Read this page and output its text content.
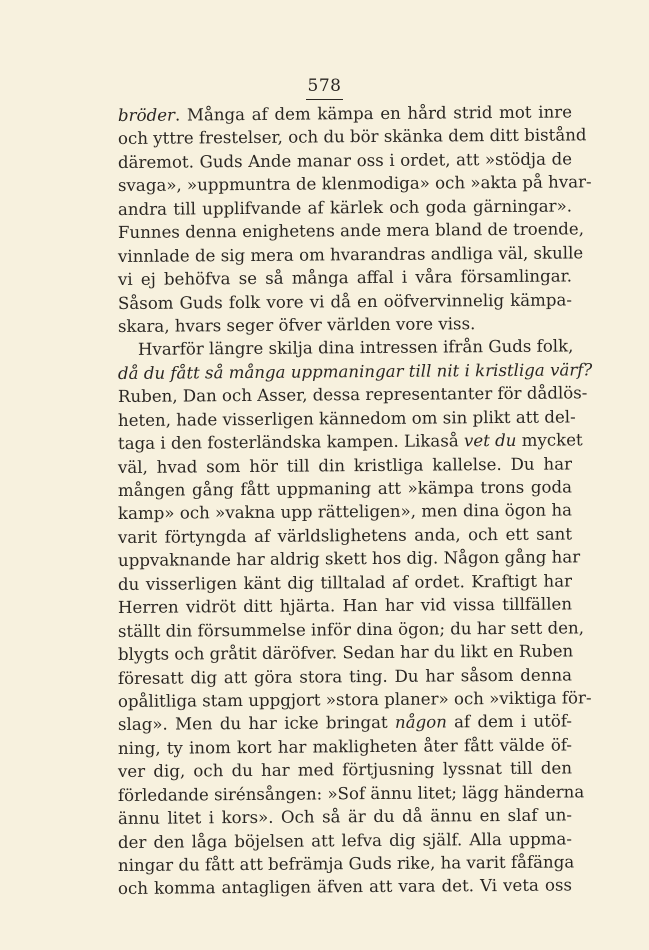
578
bröder. Många af dem kämpa en hård strid mot inre
och yttre frestelser, och du bör skänka dem ditt bistånd
däremot. Guds Ande manar oss i ordet, att »stödja de
svaga», »uppmuntra de klenmodiga» och »akta på hvar-
andra till upplifvande af kärlek och goda gärningar».
Funnes denna enighetens ande mera bland de troende,
vinnlade de sig mera om hvarandras andliga väl, skulle
vi ej behöfva se så många affal i våra församlingar.
Såsom Guds folk vore vi då en oöfvervinnelig kämpa-
skara, hvars seger öfver världen vore viss.
Hvarför längre skilja dina intressen ifrån Guds folk,
då du fått så många uppmaningar till nit i kristliga värf?
Ruben, Dan och Asser, dessa representanter för dådlös-
heten, hade visserligen kännedom om sin plikt att del-
taga i den fosterländska kampen. Likaså vet du mycket
väl, hvad som hör till din kristliga kallelse. Du har
mången gång fått uppmaning att »kämpa trons goda
kamp» och »vakna upp rätteligen», men dina ögon ha
varit förtyngda af världslighetens anda, och ett sant
uppvaknande har aldrig skett hos dig. Någon gång har
du visserligen känt dig tilltalad af ordet. Kraftigt har
Herren vidröt ditt hjärta. Han har vid vissa tillfällen
ställt din försummelse inför dina ögon; du har sett den,
blygts och gråtit däröfver. Sedan har du likt en Ruben
föresatt dig att göra stora ting. Du har såsom denna
opålitliga stam uppgjort »stora planer» och »viktiga för-
slag». Men du har icke bringat någon af dem i utöf-
ning, ty inom kort har makligheten åter fått välde öf-
ver dig, och du har med förtjusning lyssnat till den
förledande sirénsången: »Sof ännu litet; lägg händerna
ännu litet i kors». Och så är du då ännu en slaf un-
der den låga böjelsen att lefva dig själf. Alla uppma-
ningar du fått att befrämja Guds rike, ha varit fåfänga
och komma antagligen äfven att vara det. Vi veta oss
